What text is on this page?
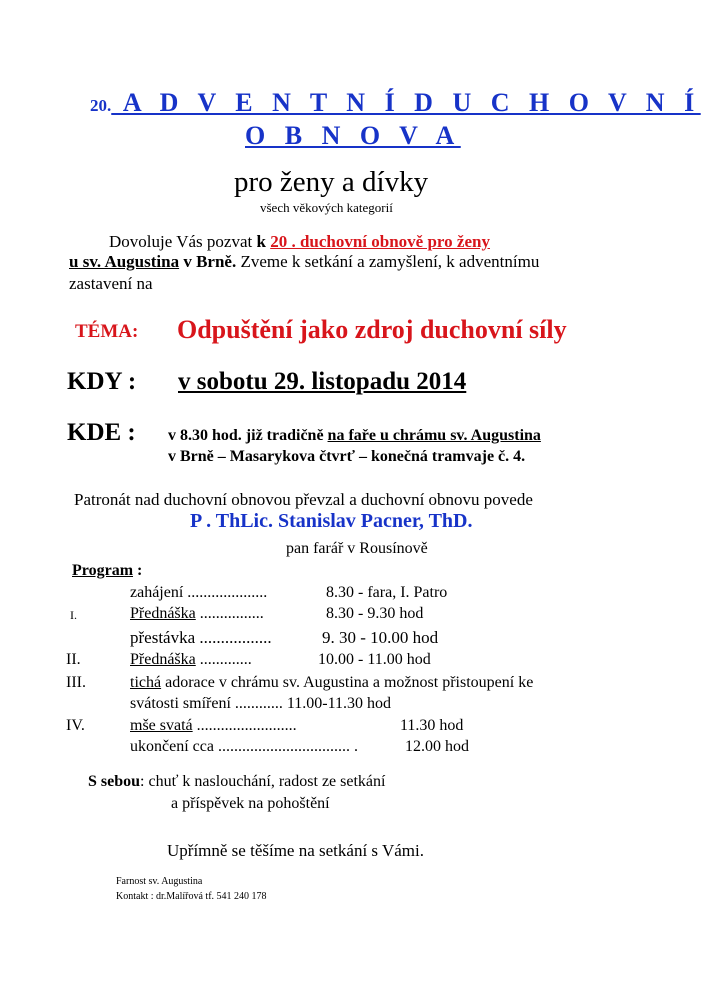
20. A D V E N T N Í D U C H O V N Í
O B N O V A
pro ženy a dívky
všech věkových kategorií
Dovoluje Vás pozvat k 20 . duchovní obnově pro ženy
u sv. Augustina v Brně. Zveme k setkání a zamyšlení, k adventnímu
zastavení na
TÉMA: Odpuštění jako zdroj duchovní síly
KDY : v sobotu 29. listopadu 2014
KDE : v 8.30 hod. již tradičně na faře u chrámu sv. Augustina
v Brně – Masarykova čtvrť – konečná tramvaje č. 4.
Patronát nad duchovní obnovou převzal a duchovní obnovu povede
P . ThLic. Stanislav Pacner, ThD.
pan farář v Rousínově
Program :
zahájení ....................	8.30 - fara, I. Patro
I.	Přednáška ................	8.30 - 9.30 hod
přestávka .................	9. 30 - 10.00 hod
II.	Přednáška .............	10.00 - 11.00 hod
III.	tichá adorace v chrámu sv. Augustina a možnost přistoupení ke
svátosti smíření ............ 11.00-11.30 hod
IV.	mše svatá .........................	11.30 hod
ukončení cca ................................. .	12.00 hod
S sebou: chuť k naslouchání, radost ze setkání
a příspěvek na pohoštění
Upřímně se těšíme na setkání s Vámi.
Farnost sv. Augustina
Kontakt : dr.Malířová tf. 541 240 178
